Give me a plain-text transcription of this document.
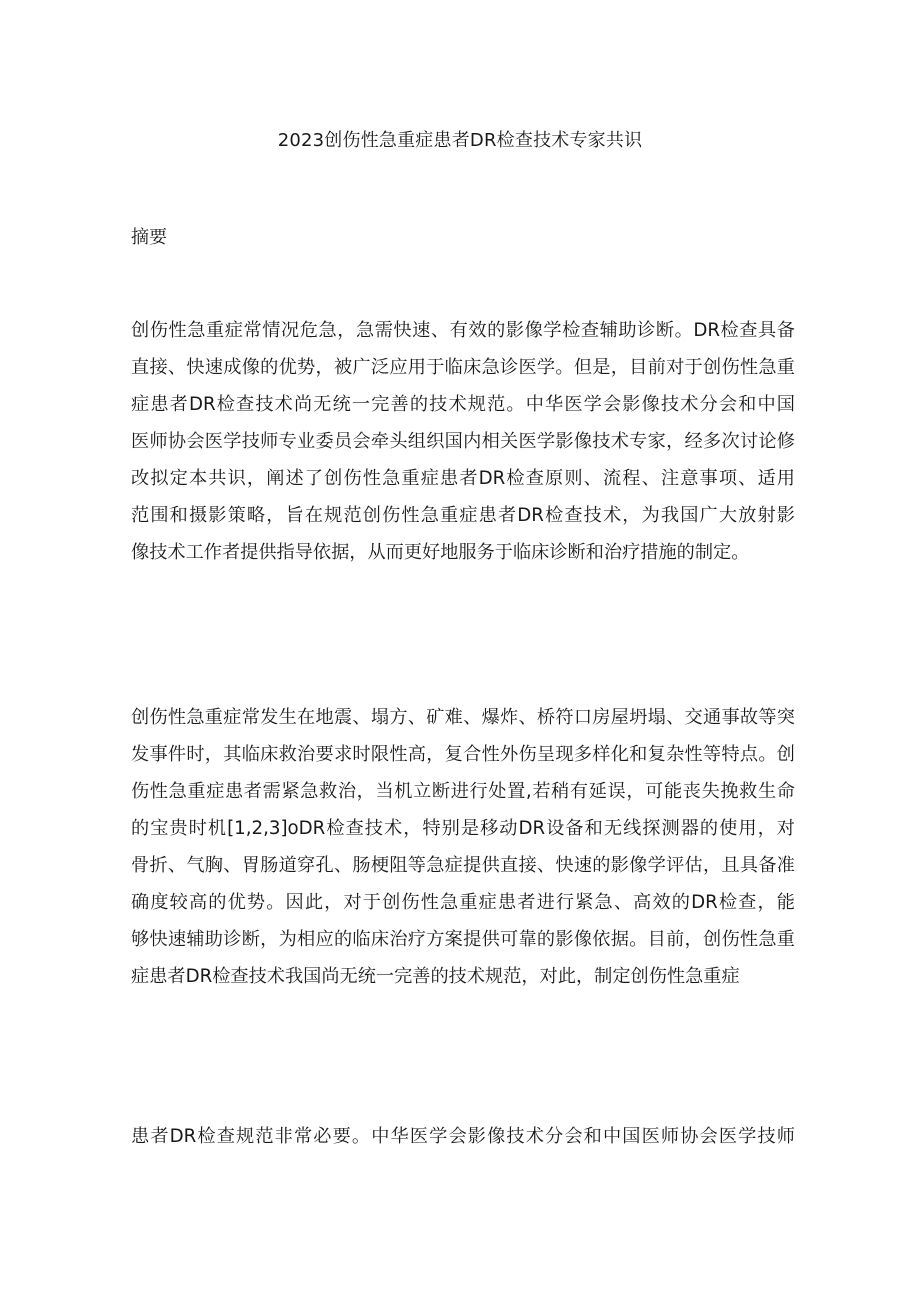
2023创伤性急重症患者DR检查技术专家共识
摘要
创伤性急重症常情况危急，急需快速、有效的影像学检查辅助诊断。DR检查具备
直接、快速成像的优势，被广泛应用于临床急诊医学。但是，目前对于创伤性急重
症患者DR检查技术尚无统一完善的技术规范。中华医学会影像技术分会和中国
医师协会医学技师专业委员会牵头组织国内相关医学影像技术专家，经多次讨论修
改拟定本共识，阐述了创伤性急重症患者DR检查原则、流程、注意事项、适用
范围和摄影策略，旨在规范创伤性急重症患者DR检查技术，为我国广大放射影
像技术工作者提供指导依据，从而更好地服务于临床诊断和治疗措施的制定。
创伤性急重症常发生在地震、塌方、矿难、爆炸、桥符口房屋坍塌、交通事故等突
发事件时，其临床救治要求时限性高，复合性外伤呈现多样化和复杂性等特点。创
伤性急重症患者需紧急救治，当机立断进行处置,若稍有延误，可能丧失挽救生命
的宝贵时机[1,2,3]oDR检查技术，特别是移动DR设备和无线探测器的使用，对
骨折、气胸、胃肠道穿孔、肠梗阻等急症提供直接、快速的影像学评估，且具备准
确度较高的优势。因此，对于创伤性急重症患者进行紧急、高效的DR检查，能
够快速辅助诊断，为相应的临床治疗方案提供可靠的影像依据。目前，创伤性急重
症患者DR检查技术我国尚无统一完善的技术规范，对此，制定创伤性急重症
患者DR检查规范非常必要。中华医学会影像技术分会和中国医师协会医学技师
